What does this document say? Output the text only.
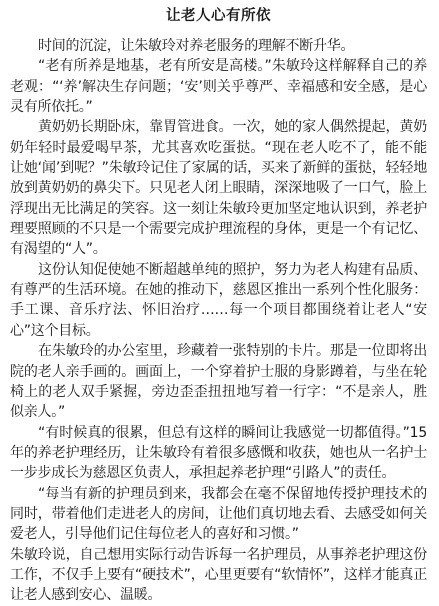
让老人心有所依

时间的沉淀，让朱敏玲对养老服务的理解不断升华。

“老有所养是地基，老有所安是高楼。”朱敏玲这样解释自己的养老观：“‘养’解决生存问题；‘安’则关乎尊严、幸福感和安全感，是心灵有所依托。”

黄奶奶长期卧床，靠胃管进食。一次，她的家人偶然提起，黄奶奶年轻时最爱喝早茶，尤其喜欢吃蛋挞。“现在老人吃不了，能不能让她‘闻’到呢？”朱敏玲记住了家属的话，买来了新鲜的蛋挞，轻轻地放到黄奶奶的鼻尖下。只见老人闭上眼睛，深深地吸了一口气，脸上浮现出无比满足的笑容。这一刻让朱敏玲更加坚定地认识到，养老护理要照顾的不只是一个需要完成护理流程的身体，更是一个有记忆、有渴望的“人”。

这份认知促使她不断超越单纯的照护，努力为老人构建有品质、有尊严的生活环境。在她的推动下，慈恩区推出一系列个性化服务：手工课、音乐疗法、怀旧治疗……每一个项目都围绕着让老人“安心”这个目标。

在朱敏玲的办公室里，珍藏着一张特别的卡片。那是一位即将出院的老人亲手画的。画面上，一个穿着护士服的身影蹲着，与坐在轮椅上的老人双手紧握，旁边歪歪扭扭地写着一行字：“不是亲人，胜似亲人。”

“有时候真的很累，但总有这样的瞬间让我感觉一切都值得。”15年的养老护理经历，让朱敏玲有着很多感慨和收获，她也从一名护士一步步成长为慈恩区负责人，承担起养老护理“引路人”的责任。

“每当有新的护理员到来，我都会在毫不保留地传授护理技术的同时，带着他们走进老人的房间，让他们真切地去看、去感受如何关爱老人，引导他们记住每位老人的喜好和习惯。”

朱敏玲说，自己想用实际行动告诉每一名护理员，从事养老护理这份工作，不仅手上要有“硬技术”，心里更要有“软情怀”，这样才能真正让老人感到安心、温暖。
